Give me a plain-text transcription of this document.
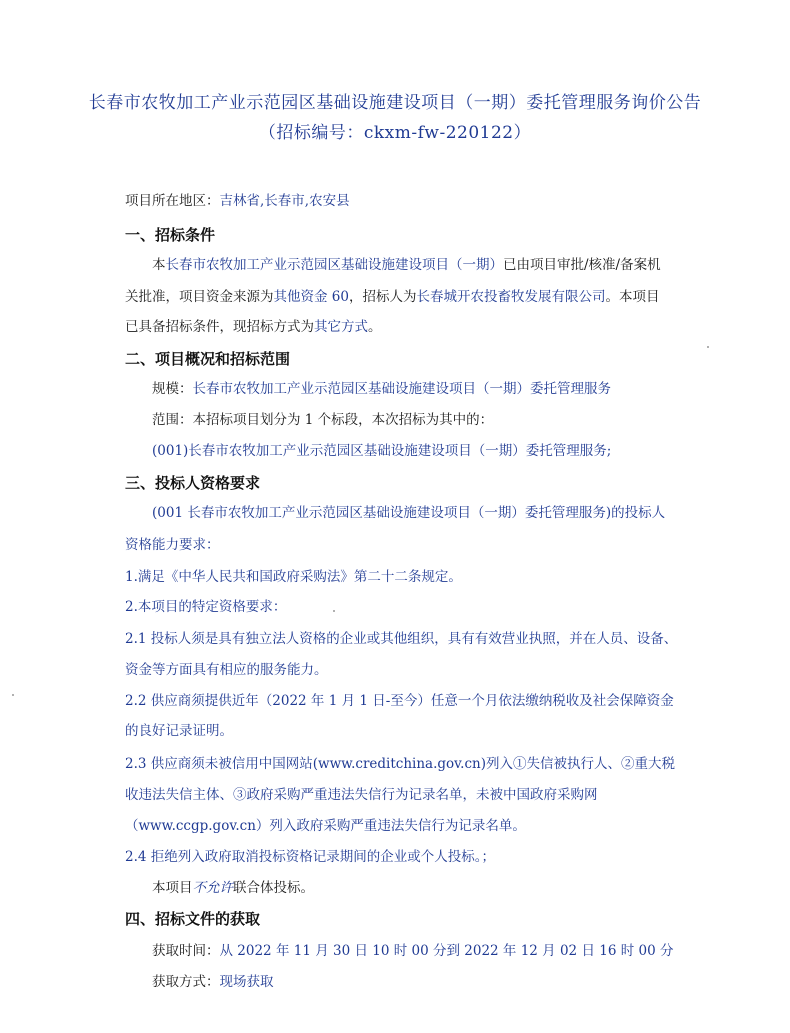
长春市农牧加工产业示范园区基础设施建设项目（一期）委托管理服务询价公告
（招标编号：ckxm-fw-220122）
项目所在地区：吉林省,长春市,农安县
一、招标条件
本长春市农牧加工产业示范园区基础设施建设项目（一期）已由项目审批/核准/备案机
关批准，项目资金来源为其他资金 60，招标人为长春城开农投畜牧发展有限公司。本项目
已具备招标条件，现招标方式为其它方式。
二、项目概况和招标范围
规模：长春市农牧加工产业示范园区基础设施建设项目（一期）委托管理服务
范围：本招标项目划分为 1 个标段，本次招标为其中的：
(001)长春市农牧加工产业示范园区基础设施建设项目（一期）委托管理服务;
三、投标人资格要求
(001 长春市农牧加工产业示范园区基础设施建设项目（一期）委托管理服务)的投标人
资格能力要求：
1.满足《中华人民共和国政府采购法》第二十二条规定。
2.本项目的特定资格要求：
2.1 投标人须是具有独立法人资格的企业或其他组织，具有有效营业执照，并在人员、设备、
资金等方面具有相应的服务能力。
2.2 供应商须提供近年（2022 年 1 月 1 日-至今）任意一个月依法缴纳税收及社会保障资金
的良好记录证明。
2.3 供应商须未被信用中国网站(www.creditchina.gov.cn)列入①失信被执行人、②重大税
收违法失信主体、③政府采购严重违法失信行为记录名单，未被中国政府采购网
（www.ccgp.gov.cn）列入政府采购严重违法失信行为记录名单。
2.4 拒绝列入政府取消投标资格记录期间的企业或个人投标。；
本项目不允许联合体投标。
四、招标文件的获取
获取时间：从 2022 年 11 月 30 日 10 时 00 分到 2022 年 12 月 02 日 16 时 00 分
获取方式：现场获取
